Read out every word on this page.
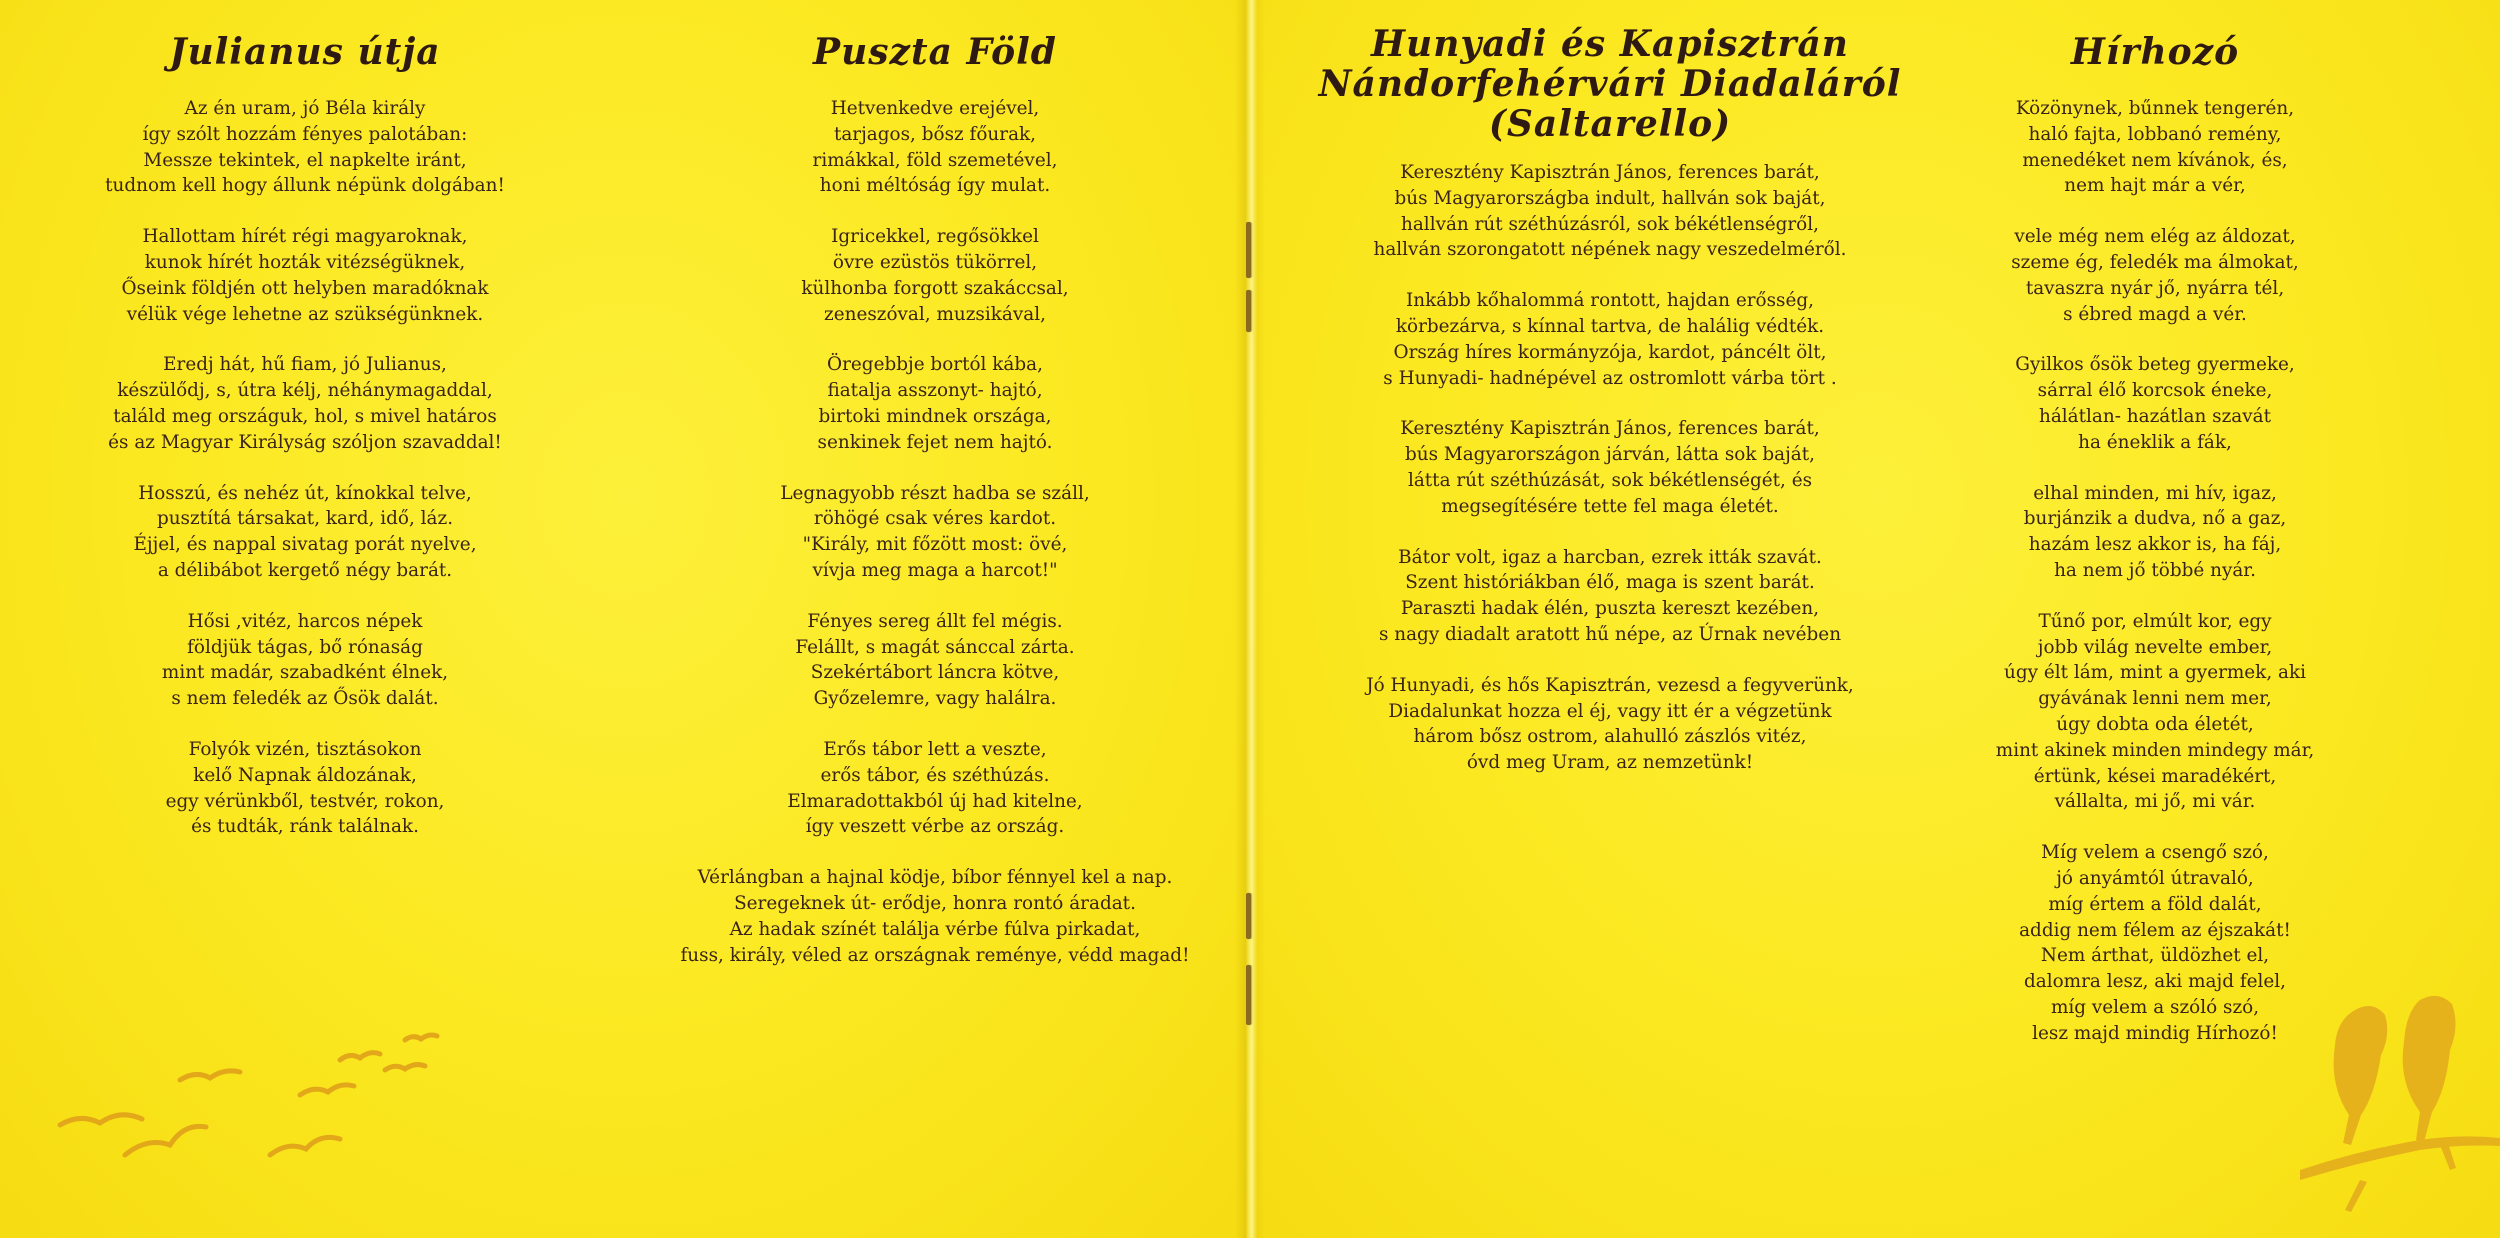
Julianus útja
Az én uram, jó Béla király
így szólt hozzám fényes palotában:
Messze tekintek, el napkelte iránt,
tudnom kell hogy állunk népünk dolgában!
Hallottam hírét régi magyaroknak,
kunok hírét hozták vitézségüknek,
Őseink földjén ott helyben maradóknak
vélük vége lehetne az szükségünknek.
Eredj hát, hű fiam, jó Julianus,
készülődj, s, útra kélj, néhánymagaddal,
találd meg országuk, hol, s mivel határos
és az Magyar Királyság szóljon szavaddal!
Hosszú, és nehéz út, kínokkal telve,
pusztítá társakat, kard, idő, láz.
Éjjel, és nappal sivatag porát nyelve,
a délibábot kergető négy barát.
Hősi ,vitéz, harcos népek
földjük tágas, bő rónaság
mint madár, szabadként élnek,
s nem feledék az Ősök dalát.
Folyók vizén, tisztásokon
kelő Napnak áldozának,
egy vérünkből, testvér, rokon,
és tudták, ránk találnak.
Puszta Föld
Hetvenkedve erejével,
tarjagos, bősz főurak,
rimákkal, föld szemetével,
honi méltóság így mulat.
Igricekkel, regősökkel
övre ezüstös tükörrel,
külhonba forgott szakáccsal,
zeneszóval, muzsikával,
Öregebbje bortól kába,
fiatalja asszonyt- hajtó,
birtoki mindnek országa,
senkinek fejet nem hajtó.
Legnagyobb részt hadba se száll,
röhögé csak véres kardot.
"Király, mit főzött most: övé,
vívja meg maga a harcot!"
Fényes sereg állt fel mégis.
Felállt, s magát sánccal zárta.
Szekértábort láncra kötve,
Győzelemre, vagy halálra.
Erős tábor lett a veszte,
erős tábor, és széthúzás.
Elmaradottakból új had kitelne,
így veszett vérbe az ország.
Vérlángban a hajnal ködje, bíbor fénnyel kel a nap.
Seregeknek út- erődje, honra rontó áradat.
Az hadak színét találja vérbe fúlva pirkadat,
fuss, király, véled az országnak reménye, védd magad!
Hunyadi és Kapisztrán
Nándorfehérvári Diadaláról
(Saltarello)
Keresztény Kapisztrán János, ferences barát,
bús Magyarországba indult, hallván sok baját,
hallván rút széthúzásról, sok békétlenségről,
hallván szorongatott népének nagy veszedelméről.
Inkább kőhalommá rontott, hajdan erősség,
körbezárva, s kínnal tartva, de halálig védték.
Ország híres kormányzója, kardot, páncélt ölt,
s Hunyadi- hadnépével az ostromlott várba tört .
Keresztény Kapisztrán János, ferences barát,
bús Magyarországon járván, látta sok baját,
látta rút széthúzását, sok békétlenségét, és
megsegítésére tette fel maga életét.
Bátor volt, igaz a harcban, ezrek itták szavát.
Szent históriákban élő, maga is szent barát.
Paraszti hadak élén, puszta kereszt kezében,
s nagy diadalt aratott hű népe, az Úrnak nevében
Jó Hunyadi, és hős Kapisztrán, vezesd a fegyverünk,
Diadalunkat hozza el éj, vagy itt ér a végzetünk
három bősz ostrom, alahulló zászlós vitéz,
óvd meg Uram, az nemzetünk!
Hírhozó
Közönynek, bűnnek tengerén,
haló fajta, lobbanó remény,
menedéket nem kívánok, és,
nem hajt már a vér,
vele még nem elég az áldozat,
szeme ég, feledék ma álmokat,
tavaszra nyár jő, nyárra tél,
s ébred magd a vér.
Gyilkos ősök beteg gyermeke,
sárral élő korcsok éneke,
hálátlan- hazátlan szavát
ha éneklik a fák,
elhal minden, mi hív, igaz,
burjánzik a dudva, nő a gaz,
hazám lesz akkor is, ha fáj,
ha nem jő többé nyár.
Tűnő por, elmúlt kor, egy
jobb világ nevelte ember,
úgy élt lám, mint a gyermek, aki
gyávának lenni nem mer,
úgy dobta oda életét,
mint akinek minden mindegy már,
értünk, kései maradékért,
vállalta, mi jő, mi vár.
Míg velem a csengő szó,
jó anyámtól útravaló,
míg értem a föld dalát,
addig nem félem az éjszakát!
Nem árthat, üldözhet el,
dalomra lesz, aki majd felel,
míg velem a szóló szó,
lesz majd mindig Hírhozó!
